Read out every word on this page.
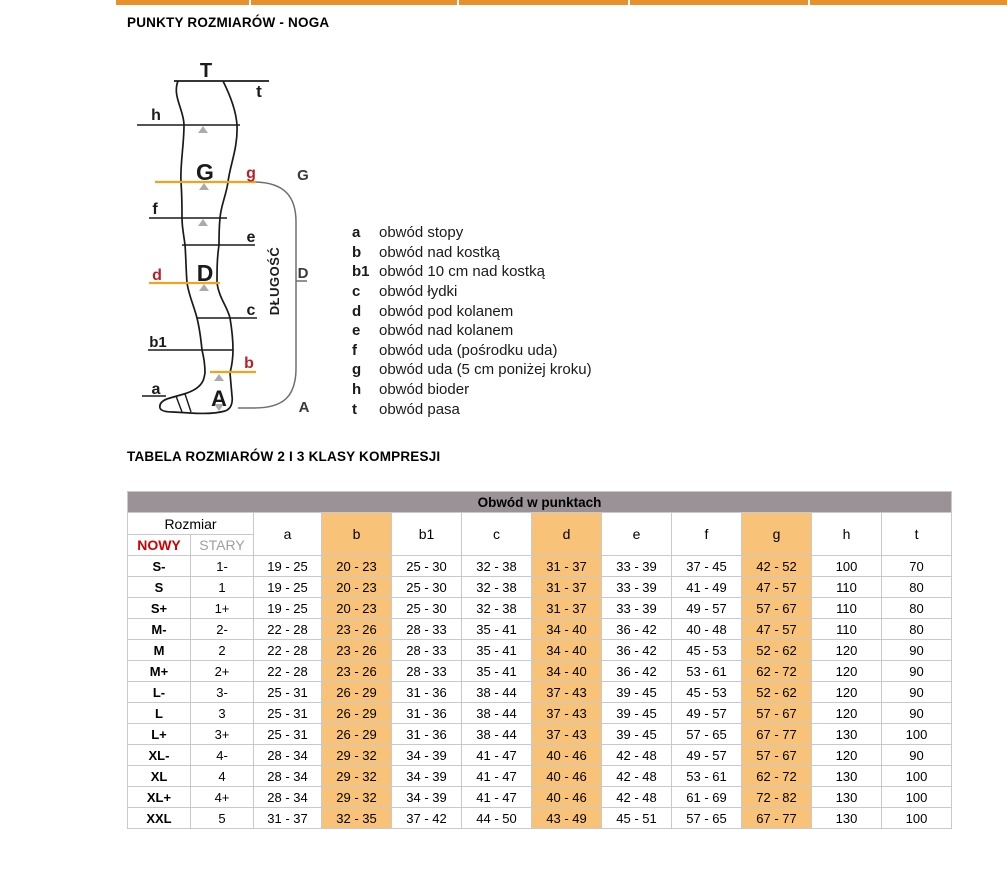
PUNKTY ROZMIARÓW - NOGA
T
t
h
G g	G
f
e
d D	DŁUGOŚĆ D
c
b1
b
a A	A
a	obwód stopy
b	obwód nad kostką
b1 obwód 10 cm nad kostką
c	obwód łydki
d	obwód pod kolanem
e	obwód nad kolanem
f	obwód uda (pośrodku uda)
g	obwód uda (5 cm poniżej kroku)
h	obwód bioder
t	obwód pasa
TABELA ROZMIARÓW 2 I 3 KLASY KOMPRESJI
Obwód w punktach											
Rozmiar		a	b	b1	c	d	e	f	g	h	t
NOWY	STARY										
S-	1-	19 - 25	20 - 23	25 - 30	32 - 38	31 - 37	33 - 39	37 - 45	42 - 52	100	70
S	1	19 - 25	20 - 23	25 - 30	32 - 38	31 - 37	33 - 39	41 - 49	47 - 57	110	80
S+	1+	19 - 25	20 - 23	25 - 30	32 - 38	31 - 37	33 - 39	49 - 57	57 - 67	110	80
M-	2-	22 - 28	23 - 26	28 - 33	35 - 41	34 - 40	36 - 42	40 - 48	47 - 57	110	80
M	2	22 - 28	23 - 26	28 - 33	35 - 41	34 - 40	36 - 42	45 - 53	52 - 62	120	90
M+	2+	22 - 28	23 - 26	28 - 33	35 - 41	34 - 40	36 - 42	53 - 61	62 - 72	120	90
L-	3-	25 - 31	26 - 29	31 - 36	38 - 44	37 - 43	39 - 45	45 - 53	52 - 62	120	90
L	3	25 - 31	26 - 29	31 - 36	38 - 44	37 - 43	39 - 45	49 - 57	57 - 67	120	90
L+	3+	25 - 31	26 - 29	31 - 36	38 - 44	37 - 43	39 - 45	57 - 65	67 - 77	130	100
XL-	4-	28 - 34	29 - 32	34 - 39	41 - 47	40 - 46	42 - 48	49 - 57	57 - 67	120	90
XL	4	28 - 34	29 - 32	34 - 39	41 - 47	40 - 46	42 - 48	53 - 61	62 - 72	130	100
XL+	4+	28 - 34	29 - 32	34 - 39	41 - 47	40 - 46	42 - 48	61 - 69	72 - 82	130	100
XXL	5	31 - 37	32 - 35	37 - 42	44 - 50	43 - 49	45 - 51	57 - 65	67 - 77	130	100
